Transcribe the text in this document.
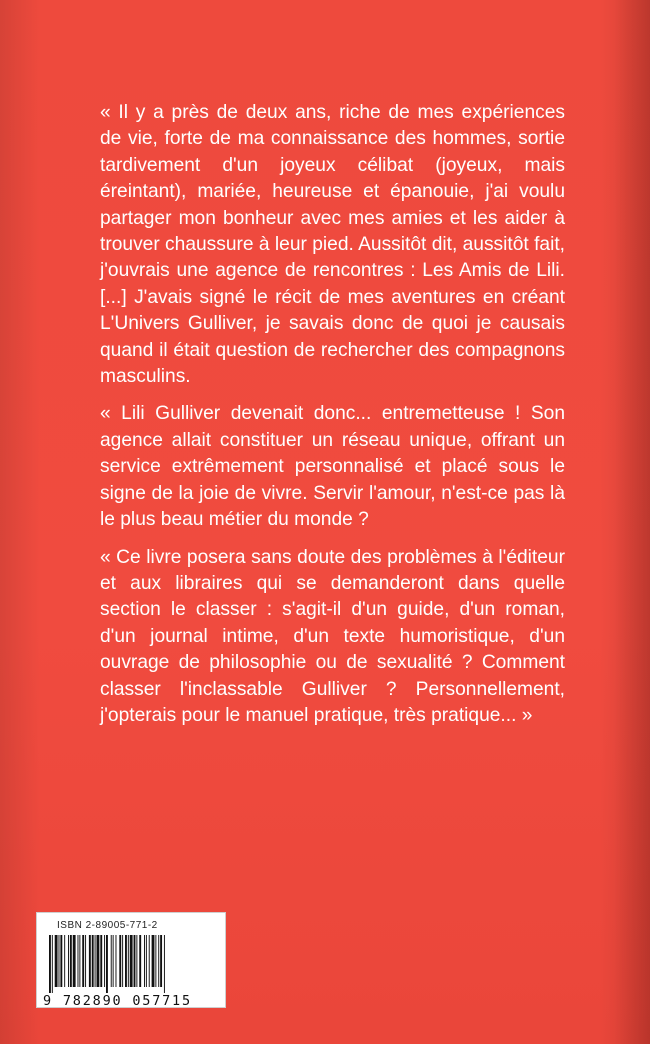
« Il y a près de deux ans, riche de mes expériences de vie, forte de ma connaissance des hommes, sortie tardivement d'un joyeux célibat (joyeux, mais éreintant), mariée, heureuse et épanouie, j'ai voulu partager mon bonheur avec mes amies et les aider à trouver chaussure à leur pied. Aussitôt dit, aussitôt fait, j'ouvrais une agence de rencontres : Les Amis de Lili. [...] J'avais signé le récit de mes aventures en créant L'Univers Gulliver, je savais donc de quoi je causais quand il était question de rechercher des compagnons masculins.

« Lili Gulliver devenait donc... entremetteuse ! Son agence allait constituer un réseau unique, offrant un service extrêmement personnalisé et placé sous le signe de la joie de vivre. Servir l'amour, n'est-ce pas là le plus beau métier du monde ?

« Ce livre posera sans doute des problèmes à l'éditeur et aux libraires qui se demanderont dans quelle section le classer : s'agit-il d'un guide, d'un roman, d'un journal intime, d'un texte humoristique, d'un ouvrage de philosophie ou de sexualité ? Comment classer l'inclassable Gulliver ? Personnellement, j'opterais pour le manuel pratique, très pratique... »

ISBN 2-89005-771-2
9 782890 057715
